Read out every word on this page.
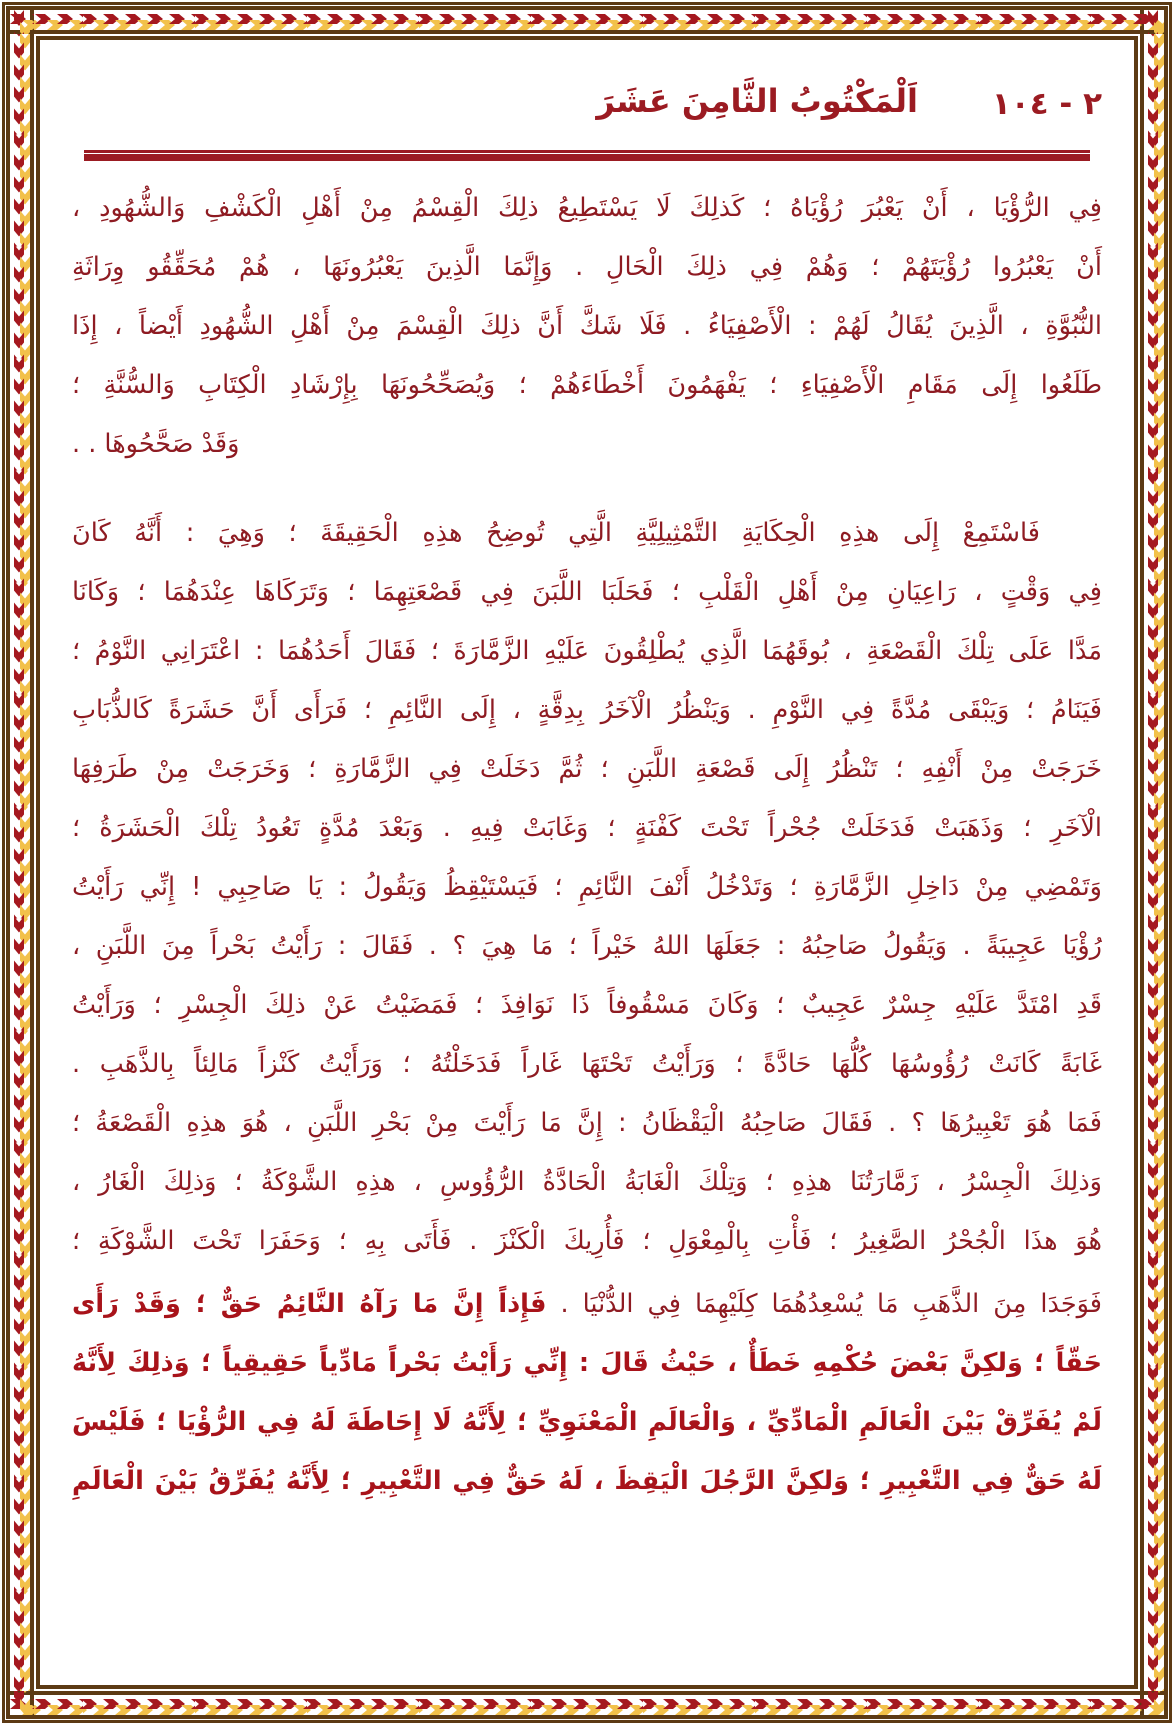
٢ - ١٠٤
اَلْمَكْتُوبُ الثَّامِنَ عَشَرَ
فِي الرُّؤْيَا ، أَنْ يَعْبُرَ رُؤْيَاهُ ؛ كَذلِكَ لَا يَسْتَطِيعُ ذلِكَ الْقِسْمُ مِنْ أَهْلِ الْكَشْفِ وَالشُّهُودِ ،
أَنْ يَعْبُرُوا رُؤْيَتَهُمْ ؛ وَهُمْ فِي ذلِكَ الْحَالِ . وَإِنَّمَا الَّذِينَ يَعْبُرُونَهَا ، هُمْ مُحَقِّقُو وِرَاثَةِ
النُّبُوَّةِ ، الَّذِينَ يُقَالُ لَهُمْ : الْأَصْفِيَاءُ . فَلَا شَكَّ أَنَّ ذلِكَ الْقِسْمَ مِنْ أَهْلِ الشُّهُودِ أَيْضاً ، إِذَا
طَلَعُوا إِلَى مَقَامِ الْأَصْفِيَاءِ ؛ يَفْهَمُونَ أَخْطَاءَهُمْ ؛ وَيُصَحِّحُونَهَا بِإِرْشَادِ الْكِتَابِ وَالسُّنَّةِ ؛
وَقَدْ صَحَّحُوهَا . .
فَاسْتَمِعْ إِلَى هذِهِ الْحِكَايَةِ التَّمْثِيلِيَّةِ الَّتِي تُوضِحُ هذِهِ الْحَقِيقَةَ ؛ وَهِيَ : أَنَّهُ كَانَ
فِي وَقْتٍ ، رَاعِيَانِ مِنْ أَهْلِ الْقَلْبِ ؛ فَحَلَبَا اللَّبَنَ فِي قَصْعَتِهِمَا ؛ وَتَرَكَاهَا عِنْدَهُمَا ؛ وَكَانَا
مَدَّا عَلَى تِلْكَ الْقَصْعَةِ ، بُوقَهُمَا الَّذِي يُطْلِقُونَ عَلَيْهِ الزَّمَّارَةَ ؛ فَقَالَ أَحَدُهُمَا : اعْتَرَانِي النَّوْمُ ؛
فَيَنَامُ ؛ وَيَبْقَى مُدَّةً فِي النَّوْمِ . وَيَنْظُرُ الْآخَرُ بِدِقَّةٍ ، إِلَى النَّائِمِ ؛ فَرَأَى أَنَّ حَشَرَةً كَالذُّبَابِ
خَرَجَتْ مِنْ أَنْفِهِ ؛ تَنْظُرُ إِلَى قَصْعَةِ اللَّبَنِ ؛ ثُمَّ دَخَلَتْ فِي الزَّمَّارَةِ ؛ وَخَرَجَتْ مِنْ طَرَفِهَا
الْآخَرِ ؛ وَذَهَبَتْ فَدَخَلَتْ جُحْراً تَحْتَ كَفْنَةٍ ؛ وَغَابَتْ فِيهِ . وَبَعْدَ مُدَّةٍ تَعُودُ تِلْكَ الْحَشَرَةُ ؛
وَتَمْضِي مِنْ دَاخِلِ الزَّمَّارَةِ ؛ وَتَدْخُلُ أَنْفَ النَّائِمِ ؛ فَيَسْتَيْقِظُ وَيَقُولُ : يَا صَاحِبِي ! إِنِّي رَأَيْتُ
رُؤْيَا عَجِيبَةً . وَيَقُولُ صَاحِبُهُ : جَعَلَهَا اللهُ خَيْراً ؛ مَا هِيَ ؟ . فَقَالَ : رَأَيْتُ بَحْراً مِنَ اللَّبَنِ ،
قَدِ امْتَدَّ عَلَيْهِ جِسْرٌ عَجِيبٌ ؛ وَكَانَ مَسْقُوفاً ذَا نَوَافِذَ ؛ فَمَضَيْتُ عَنْ ذلِكَ الْجِسْرِ ؛ وَرَأَيْتُ
غَابَةً كَانَتْ رُؤُوسُهَا كُلُّهَا حَادَّةً ؛ وَرَأَيْتُ تَحْتَهَا غَاراً فَدَخَلْتُهُ ؛ وَرَأَيْتُ كَنْزاً مَالِئاً بِالذَّهَبِ .
فَمَا هُوَ تَعْبِيرُهَا ؟ . فَقَالَ صَاحِبُهُ الْيَقْظَانُ : إِنَّ مَا رَأَيْتَ مِنْ بَحْرِ اللَّبَنِ ، هُوَ هذِهِ الْقَصْعَةُ ؛
وَذلِكَ الْجِسْرُ ، زَمَّارَتُنَا هذِهِ ؛ وَتِلْكَ الْغَابَةُ الْحَادَّةُ الرُّؤُوسِ ، هذِهِ الشَّوْكَةُ ؛ وَذلِكَ الْغَارُ ،
هُوَ هذَا الْجُحْرُ الصَّغِيرُ ؛ فَأْتِ بِالْمِعْوَلِ ؛ فَأُرِيكَ الْكَنْزَ . فَأَتَى بِهِ ؛ وَحَفَرَا تَحْتَ الشَّوْكَةِ ؛
فَوَجَدَا مِنَ الذَّهَبِ مَا يُسْعِدُهُمَا كِلَيْهِمَا فِي الدُّنْيَا . فَإِذاً إِنَّ مَا رَآهُ النَّائِمُ حَقٌّ ؛ وَقَدْ رَأَى
حَقّاً ؛ وَلكِنَّ بَعْضَ حُكْمِهِ خَطَأٌ ، حَيْثُ قَالَ : إِنِّي رَأَيْتُ بَحْراً مَادِّياً حَقِيقِياً ؛ وَذلِكَ لِأَنَّهُ
لَمْ يُفَرِّقْ بَيْنَ الْعَالَمِ الْمَادِّيِّ ، وَالْعَالَمِ الْمَعْنَوِيِّ ؛ لِأَنَّهُ لَا إِحَاطَةَ لَهُ فِي الرُّؤْيَا ؛ فَلَيْسَ
لَهُ حَقٌّ فِي التَّعْبِيرِ ؛ وَلكِنَّ الرَّجُلَ الْيَقِظَ ، لَهُ حَقٌّ فِي التَّعْبِيرِ ؛ لِأَنَّهُ يُفَرِّقُ بَيْنَ الْعَالَمِ
